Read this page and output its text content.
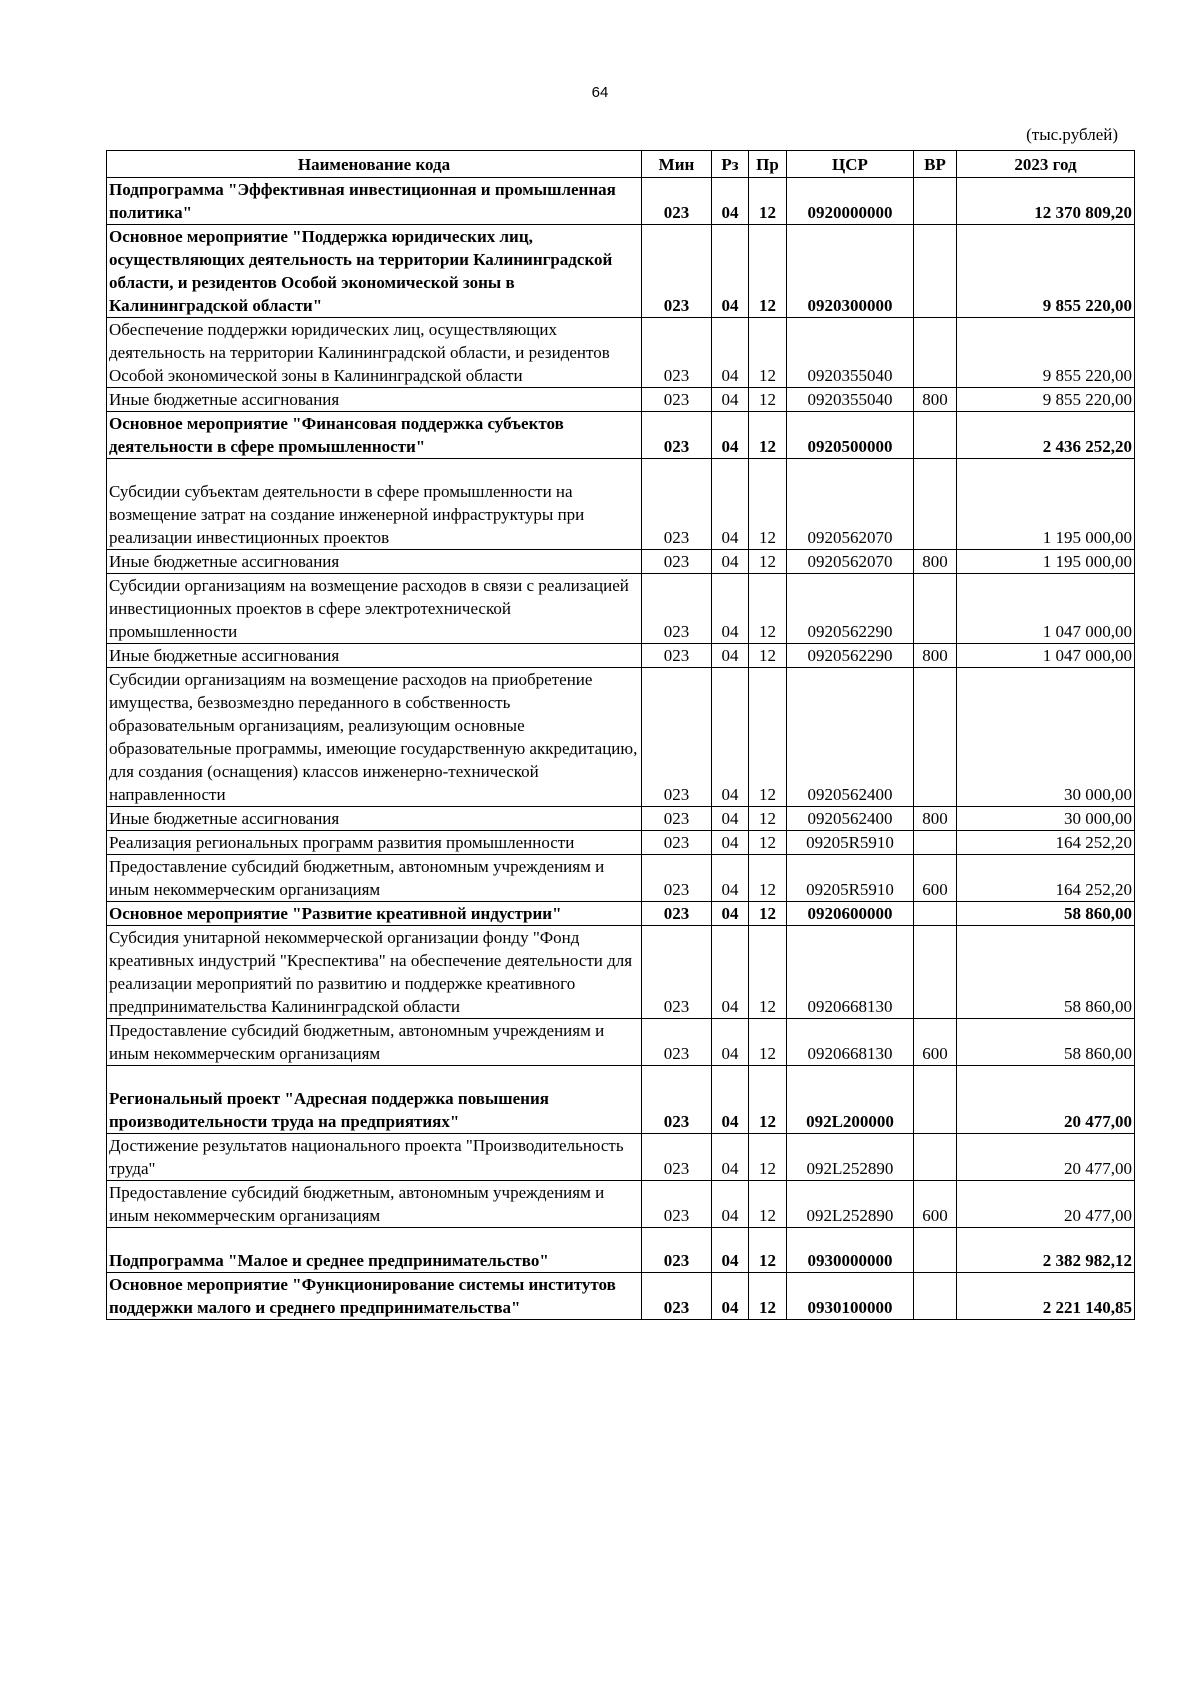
64
(тыс.рублей)
Наименование кода	Мин	Рз	Пр	ЦСР	ВР	2023 год
Подпрограмма "Эффективная инвестиционная и промышленная политика"	023	04	12	0920000000		12 370 809,20
Основное мероприятие "Поддержка юридических лиц, осуществляющих деятельность на территории Калининградской области, и резидентов Особой экономической зоны в Калининградской области"	023	04	12	0920300000		9 855 220,00
Обеспечение поддержки юридических лиц, осуществляющих деятельность на территории Калининградской области, и резидентов Особой экономической зоны в Калининградской области	023	04	12	0920355040		9 855 220,00
Иные бюджетные ассигнования	023	04	12	0920355040	800	9 855 220,00
Основное мероприятие "Финансовая поддержка субъектов деятельности в сфере промышленности"	023	04	12	0920500000		2 436 252,20
Субсидии субъектам деятельности в сфере промышленности на возмещение затрат на создание инженерной инфраструктуры при реализации инвестиционных проектов	023	04	12	0920562070		1 195 000,00
Иные бюджетные ассигнования	023	04	12	0920562070	800	1 195 000,00
Субсидии организациям на возмещение расходов в связи с реализацией инвестиционных проектов в сфере электротехнической промышленности	023	04	12	0920562290		1 047 000,00
Иные бюджетные ассигнования	023	04	12	0920562290	800	1 047 000,00
Субсидии организациям на возмещение расходов на приобретение имущества, безвозмездно переданного в собственность образовательным организациям, реализующим основные образовательные программы, имеющие государственную аккредитацию, для создания (оснащения) классов инженерно-технической направленности	023	04	12	0920562400		30 000,00
Иные бюджетные ассигнования	023	04	12	0920562400	800	30 000,00
Реализация региональных программ развития промышленности	023	04	12	09205R5910		164 252,20
Предоставление субсидий бюджетным, автономным учреждениям и иным некоммерческим организациям	023	04	12	09205R5910	600	164 252,20
Основное мероприятие "Развитие креативной индустрии"	023	04	12	0920600000		58 860,00
Субсидия унитарной некоммерческой организации фонду "Фонд креативных индустрий "Креспектива" на обеспечение деятельности для реализации мероприятий по развитию и поддержке креативного предпринимательства Калининградской области	023	04	12	0920668130		58 860,00
Предоставление субсидий бюджетным, автономным учреждениям и иным некоммерческим организациям	023	04	12	0920668130	600	58 860,00
Региональный проект "Адресная поддержка повышения производительности труда на предприятиях"	023	04	12	092L200000		20 477,00
Достижение результатов национального проекта "Производительность труда"	023	04	12	092L252890		20 477,00
Предоставление субсидий бюджетным, автономным учреждениям и иным некоммерческим организациям	023	04	12	092L252890	600	20 477,00
Подпрограмма "Малое и среднее предпринимательство"	023	04	12	0930000000		2 382 982,12
Основное мероприятие "Функционирование системы институтов поддержки малого и среднего предпринимательства"	023	04	12	0930100000		2 221 140,85
